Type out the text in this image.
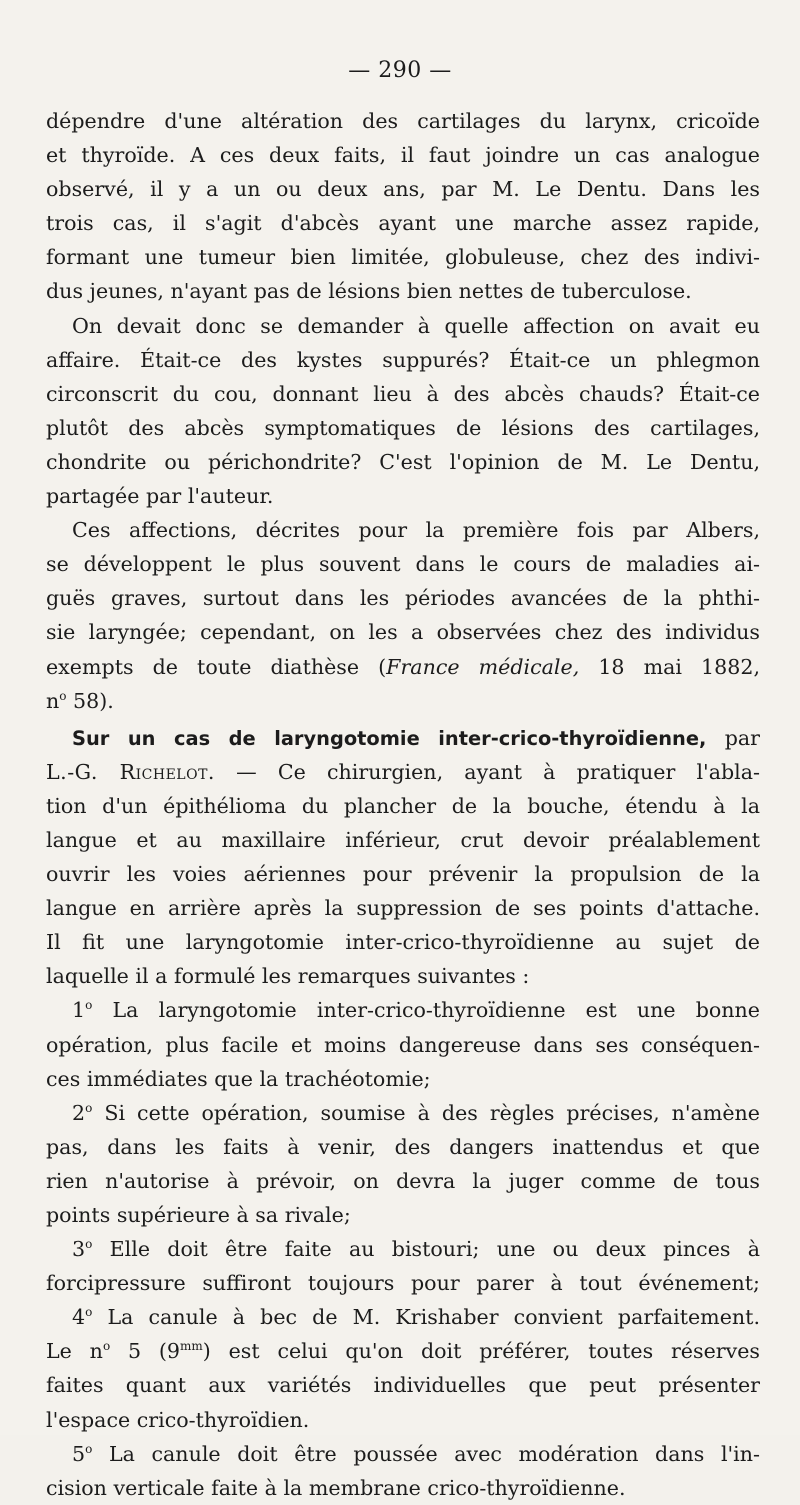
— 290 —
dépendre d'une altération des cartilages du larynx, cricoïde
et thyroïde. A ces deux faits, il faut joindre un cas analogue
observé, il y a un ou deux ans, par M. Le Dentu. Dans les
trois cas, il s'agit d'abcès ayant une marche assez rapide,
formant une tumeur bien limitée, globuleuse, chez des indivi-
dus jeunes, n'ayant pas de lésions bien nettes de tuberculose.
On devait donc se demander à quelle affection on avait eu
affaire. Était-ce des kystes suppurés? Était-ce un phlegmon
circonscrit du cou, donnant lieu à des abcès chauds? Était-ce
plutôt des abcès symptomatiques de lésions des cartilages,
chondrite ou périchondrite? C'est l'opinion de M. Le Dentu,
partagée par l'auteur.
Ces affections, décrites pour la première fois par Albers,
se développent le plus souvent dans le cours de maladies ai-
guës graves, surtout dans les périodes avancées de la phthi-
sie laryngée; cependant, on les a observées chez des individus
exempts de toute diathèse (France médicale, 18 mai 1882,
$n^o$ 58).
Sur un cas de laryngotomie inter-crico-thyroïdienne, par
L.-G. Richelot. — Ce chirurgien, ayant à pratiquer l'abla-
tion d'un épithélioma du plancher de la bouche, étendu à la
langue et au maxillaire inférieur, crut devoir préalablement
ouvrir les voies aériennes pour prévenir la propulsion de la
langue en arrière après la suppression de ses points d'attache.
Il fit une laryngotomie inter-crico-thyroïdienne au sujet de
laquelle il a formulé les remarques suivantes :
1$^o$ La laryngotomie inter-crico-thyroïdienne est une bonne
opération, plus facile et moins dangereuse dans ses conséquen-
ces immédiates que la trachéotomie;
2$^o$ Si cette opération, soumise à des règles précises, n'amène
pas, dans les faits à venir, des dangers inattendus et que
rien n'autorise à prévoir, on devra la juger comme de tous
points supérieure à sa rivale;
3$^o$ Elle doit être faite au bistouri; une ou deux pinces à
forcipressure suffiront toujours pour parer à tout événement;
4$^o$ La canule à bec de M. Krishaber convient parfaitement.
Le $n^o$ 5 $(9^{mm})$ est celui qu'on doit préférer, toutes réserves
faites quant aux variétés individuelles que peut présenter
l'espace crico-thyroïdien.
5$^o$ La canule doit être poussée avec modération dans l'in-
cision verticale faite à la membrane crico-thyroïdienne.
